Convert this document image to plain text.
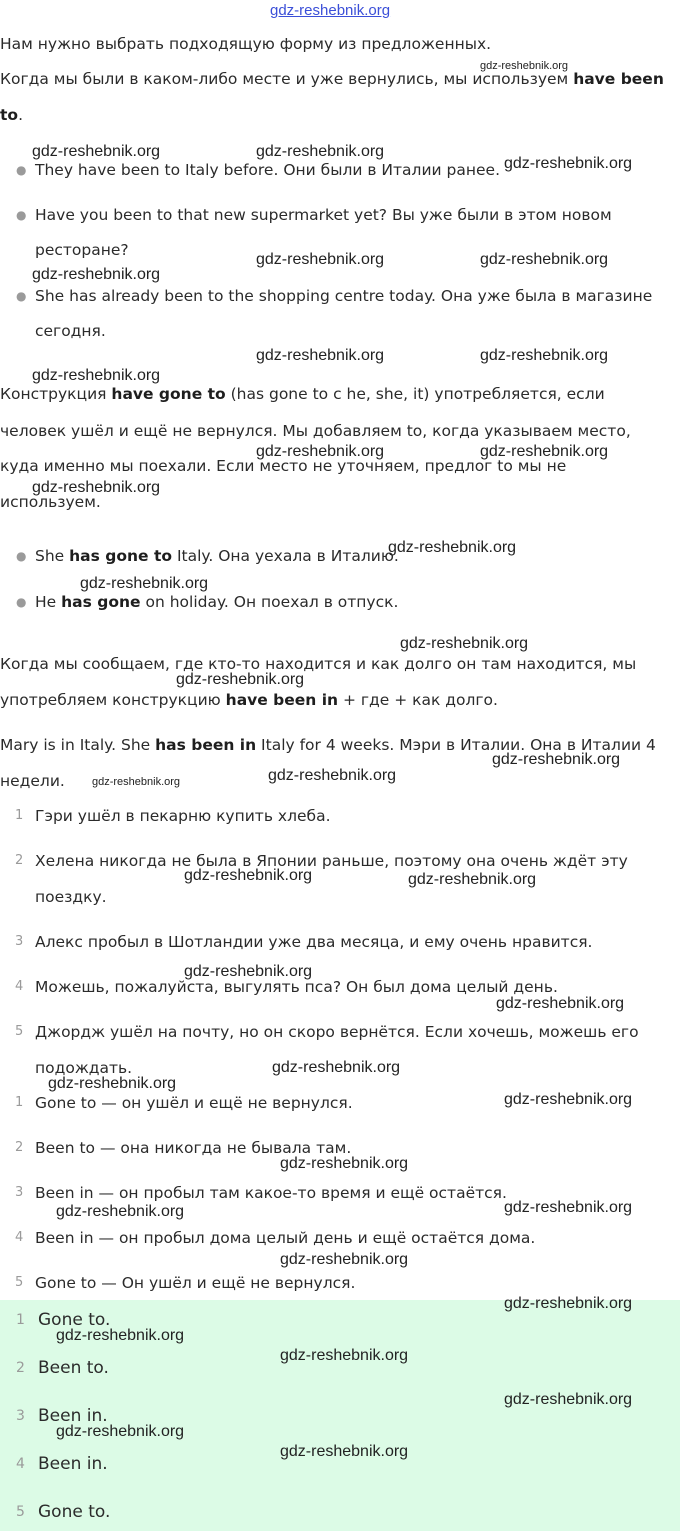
Нам нужно выбрать подходящую форму из предложенных.

Когда мы были в каком-либо месте и уже вернулись, мы используем have been

to.

● They have been to Italy before. Они были в Италии ранее.
● Have you been to that new supermarket yet? Вы уже были в этом новом
ресторане?
● She has already been to the shopping centre today. Она уже была в магазине
сегодня.

Конструкция have gone to (has gone to с he, she, it) употребляется, если

человек ушёл и ещё не вернулся. Мы добавляем to, когда указываем место,

куда именно мы поехали. Если место не уточняем, предлог to мы не

используем.

● She has gone to Italy. Она уехала в Италию.
● He has gone on holiday. Он поехал в отпуск.

Когда мы сообщаем, где кто-то находится и как долго он там находится, мы

употребляем конструкцию have been in + где + как долго.

Mary is in Italy. She has been in Italy for 4 weeks. Мэри в Италии. Она в Италии 4

недели.

1 Гэри ушёл в пекарню купить хлеба.
2 Хелена никогда не была в Японии раньше, поэтому она очень ждёт эту
поездку.
3 Алекс пробыл в Шотландии уже два месяца, и ему очень нравится.
4 Можешь, пожалуйста, выгулять пса? Он был дома целый день.
5 Джордж ушёл на почту, но он скоро вернётся. Если хочешь, можешь его
подождать.
1 Gone to — он ушёл и ещё не вернулся.
2 Been to — она никогда не бывала там.
3 Been in — он пробыл там какое-то время и ещё остаётся.
4 Been in — он пробыл дома целый день и ещё остаётся дома.
5 Gone to — Он ушёл и ещё не вернулся.
1 Gone to.
2 Been to.
3 Been in.
4 Been in.
5 Gone to.
gdz-reshebnik.org
gdz-reshebnik.org
gdz-reshebnik.org	gdz-reshebnik.org
gdz-reshebnik.org
gdz-reshebnik.org	gdz-reshebnik.org
gdz-reshebnik.org
gdz-reshebnik.org	gdz-reshebnik.org
gdz-reshebnik.org
gdz-reshebnik.org	gdz-reshebnik.org
gdz-reshebnik.org
gdz-reshebnik.org
gdz-reshebnik.org
gdz-reshebnik.org
gdz-reshebnik.org
gdz-reshebnik.org
gdz-reshebnik.org	gdz-reshebnik.org
gdz-reshebnik.org	gdz-reshebnik.org
gdz-reshebnik.org
gdz-reshebnik.org
gdz-reshebnik.org
gdz-reshebnik.org
gdz-reshebnik.org
gdz-reshebnik.org
gdz-reshebnik.org
gdz-reshebnik.org
gdz-reshebnik.org
gdz-reshebnik.org
gdz-reshebnik.org
gdz-reshebnik.org
gdz-reshebnik.org
gdz-reshebnik.org
gdz-reshebnik.org
